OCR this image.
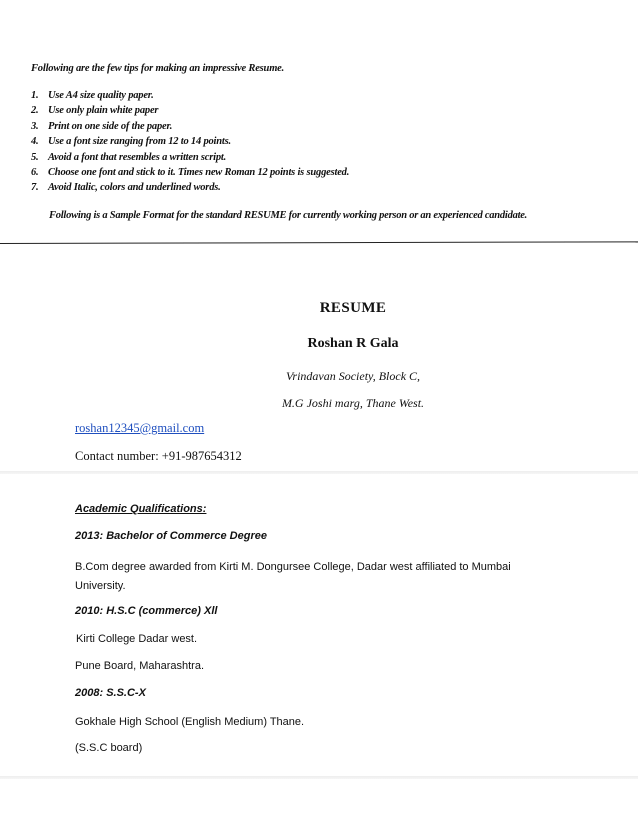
Following are the few tips for making an impressive Resume.
1. Use A4 size quality paper.
2. Use only plain white paper
3. Print on one side of the paper.
4. Use a font size ranging from 12 to 14 points.
5. Avoid a font that resembles a written script.
6. Choose one font and stick to it. Times new Roman 12 points is suggested.
7. Avoid Italic, colors and underlined words.
Following is a Sample Format for the standard RESUME for currently working person or an experienced candidate.
RESUME
Roshan R Gala
Vrindavan Society, Block C,
M.G Joshi marg, Thane West.
roshan12345@gmail.com
Contact number: +91-987654312
Academic Qualifications:
2013: Bachelor of Commerce Degree
B.Com degree awarded from Kirti M. Dongursee College, Dadar west affiliated to Mumbai University.
2010: H.S.C (commerce) Xll
Kirti College Dadar west.
Pune Board, Maharashtra.
2008: S.S.C-X
Gokhale High School (English Medium) Thane.
(S.S.C board)
